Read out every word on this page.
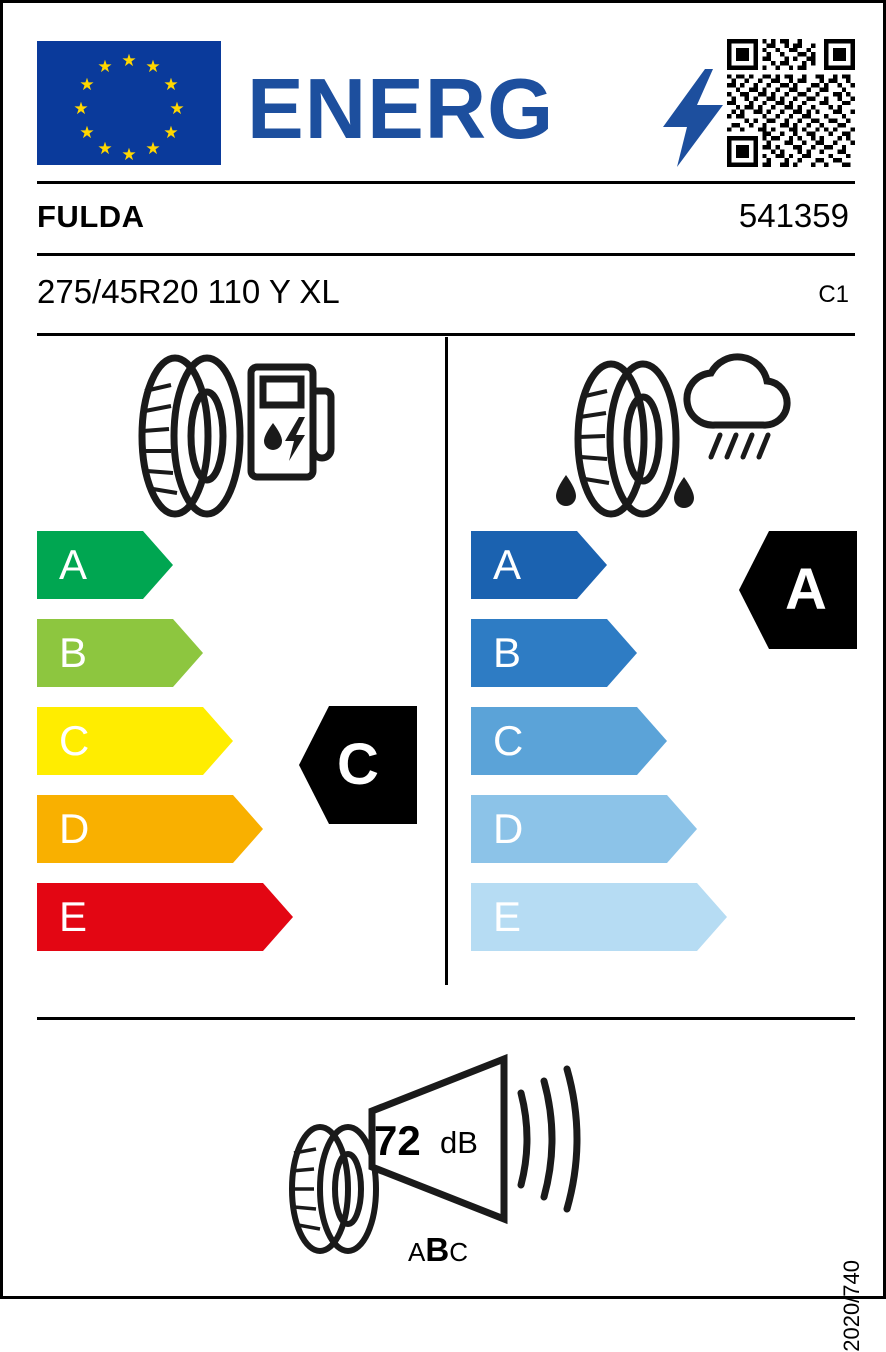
★ ★
★
★
★
★
★
★
★
★
★
★ ENERG
FULDA	541359
275/45R20 110 Y XL	C1
A
B
C
D
E
A
B
C
D
E
C
A
72 dB
ABC
2020/740
